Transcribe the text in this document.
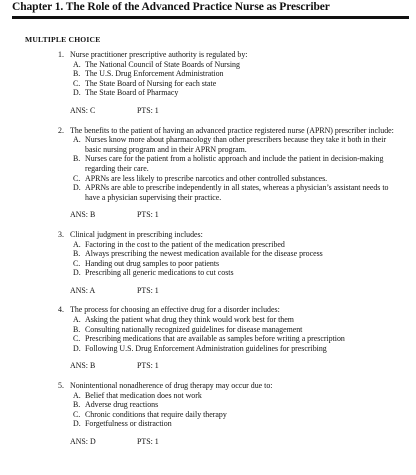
Chapter 1. The Role of the Advanced Practice Nurse as Prescriber
MULTIPLE CHOICE
1. Nurse practitioner prescriptive authority is regulated by:
A. The National Council of State Boards of Nursing
B. The U.S. Drug Enforcement Administration
C. The State Board of Nursing for each state
D. The State Board of Pharmacy
ANS: C	PTS: 1
2. The benefits to the patient of having an advanced practice registered nurse (APRN) prescriber include:
A. Nurses know more about pharmacology than other prescribers because they take it both in their basic nursing program and in their APRN program.
B. Nurses care for the patient from a holistic approach and include the patient in decision-making regarding their care.
C. APRNs are less likely to prescribe narcotics and other controlled substances.
D. APRNs are able to prescribe independently in all states, whereas a physician’s assistant needs to have a physician supervising their practice.
ANS: B	PTS: 1
3. Clinical judgment in prescribing includes:
A. Factoring in the cost to the patient of the medication prescribed
B. Always prescribing the newest medication available for the disease process
C. Handing out drug samples to poor patients
D. Prescribing all generic medications to cut costs
ANS: A	PTS: 1
4. The process for choosing an effective drug for a disorder includes:
A. Asking the patient what drug they think would work best for them
B. Consulting nationally recognized guidelines for disease management
C. Prescribing medications that are available as samples before writing a prescription
D. Following U.S. Drug Enforcement Administration guidelines for prescribing
ANS: B	PTS: 1
5. Nonintentional nonadherence of drug therapy may occur due to:
A. Belief that medication does not work
B. Adverse drug reactions
C. Chronic conditions that require daily therapy
D. Forgetfulness or distraction
ANS: D	PTS: 1
